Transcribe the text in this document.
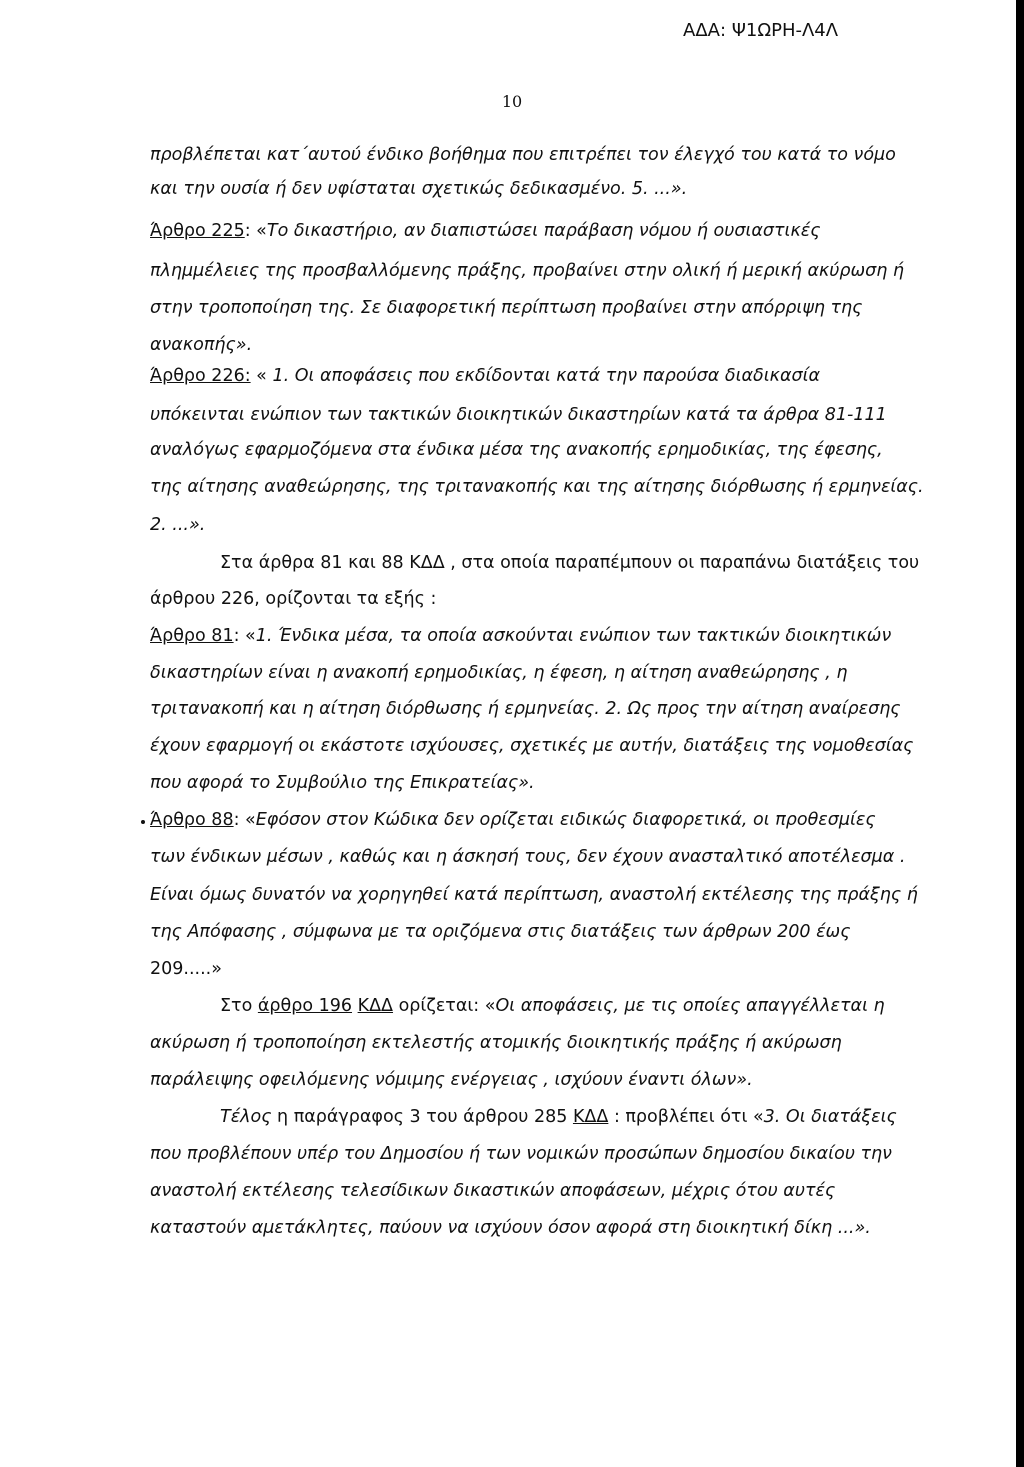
ΑΔΑ: Ψ1ΩΡΗ-Λ4Λ
10
προβλέπεται κατ΄αυτού ένδικο βοήθημα που επιτρέπει τον έλεγχό του κατά το νόμο
και την ουσία ή δεν υφίσταται σχετικώς δεδικασμένο. 5. ...».
Άρθρο 225: «Το δικαστήριο, αν διαπιστώσει παράβαση νόμου ή ουσιαστικές
πλημμέλειες της προσβαλλόμενης πράξης, προβαίνει στην ολική ή μερική ακύρωση ή
στην τροποποίηση της. Σε διαφορετική περίπτωση προβαίνει στην απόρριψη της
ανακοπής».
Άρθρο 226: « 1. Οι αποφάσεις που εκδίδονται κατά την παρούσα διαδικασία
υπόκεινται ενώπιον των τακτικών διοικητικών δικαστηρίων κατά τα άρθρα 81-111
αναλόγως εφαρμοζόμενα στα ένδικα μέσα της ανακοπής ερημοδικίας, της έφεσης,
της αίτησης αναθεώρησης, της τριτανακοπής και της αίτησης διόρθωσης ή ερμηνείας.
2. ...».
Στα άρθρα 81 και 88 ΚΔΔ , στα οποία παραπέμπουν οι παραπάνω διατάξεις του
άρθρου 226, ορίζονται τα εξής :
Άρθρο 81: «1. Ένδικα μέσα, τα οποία ασκούνται ενώπιον των τακτικών διοικητικών
δικαστηρίων είναι η ανακοπή ερημοδικίας, η έφεση, η αίτηση αναθεώρησης , η
τριτανακοπή και η αίτηση διόρθωσης ή ερμηνείας. 2. Ως προς την αίτηση αναίρεσης
έχουν εφαρμογή οι εκάστοτε ισχύουσες, σχετικές με αυτήν, διατάξεις της νομοθεσίας
που αφορά το Συμβούλιο της Επικρατείας».
Άρθρο 88: «Εφόσον στον Κώδικα δεν ορίζεται ειδικώς διαφορετικά, οι προθεσμίες
των ένδικων μέσων , καθώς και η άσκησή τους, δεν έχουν ανασταλτικό αποτέλεσμα .
Είναι όμως δυνατόν να χορηγηθεί κατά περίπτωση, αναστολή εκτέλεσης της πράξης ή
της Απόφασης , σύμφωνα με τα οριζόμενα στις διατάξεις των άρθρων 200 έως
209.....»
Στο άρθρο 196 ΚΔΔ ορίζεται: «Οι αποφάσεις, με τις οποίες απαγγέλλεται η
ακύρωση ή τροποποίηση εκτελεστής ατομικής διοικητικής πράξης ή ακύρωση
παράλειψης οφειλόμενης νόμιμης ενέργειας , ισχύουν έναντι όλων».
Τέλος η παράγραφος 3 του άρθρου 285 ΚΔΔ : προβλέπει ότι «3. Οι διατάξεις
που προβλέπουν υπέρ του Δημοσίου ή των νομικών προσώπων δημοσίου δικαίου την
αναστολή εκτέλεσης τελεσίδικων δικαστικών αποφάσεων, μέχρις ότου αυτές
καταστούν αμετάκλητες, παύουν να ισχύουν όσον αφορά στη διοικητική δίκη ...».
